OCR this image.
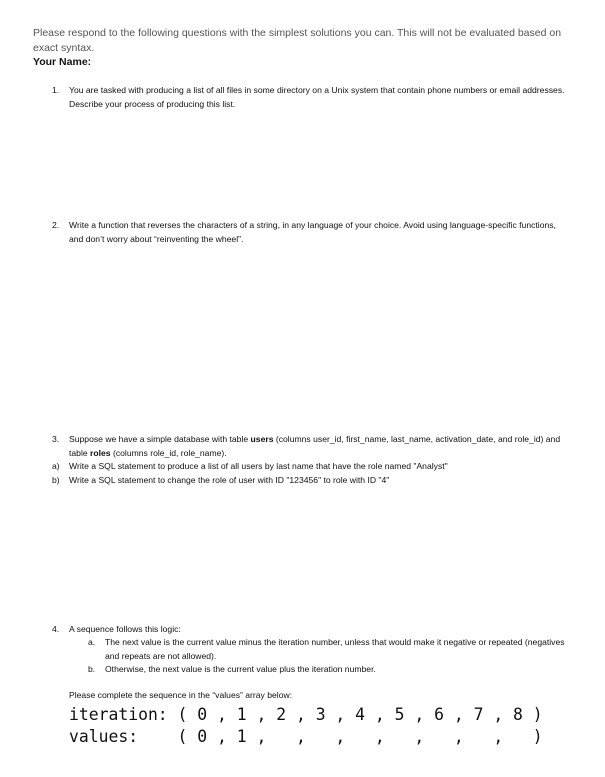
Please respond to the following questions with the simplest solutions you can. This will not be evaluated based on exact syntax.
Your Name:
1. You are tasked with producing a list of all files in some directory on a Unix system that contain phone numbers or email addresses. Describe your process of producing this list.
2. Write a function that reverses the characters of a string, in any language of your choice. Avoid using language-specific functions, and don’t worry about “reinventing the wheel”.
3. Suppose we have a simple database with table users (columns user_id, first_name, last_name, activation_date, and role_id) and table roles (columns role_id, role_name).
a) Write a SQL statement to produce a list of all users by last name that have the role named "Analyst"
b) Write a SQL statement to change the role of user with ID "123456" to role with ID "4"
4. A sequence follows this logic:
a. The next value is the current value minus the iteration number, unless that would make it negative or repeated (negatives and repeats are not allowed).
b. Otherwise, the next value is the current value plus the iteration number.
Please complete the sequence in the “values” array below:
iteration: ( 0 , 1 , 2 , 3 , 4 , 5 , 6 , 7 , 8 )
values:    ( 0 , 1 ,   ,   ,   ,   ,   ,   ,   )
